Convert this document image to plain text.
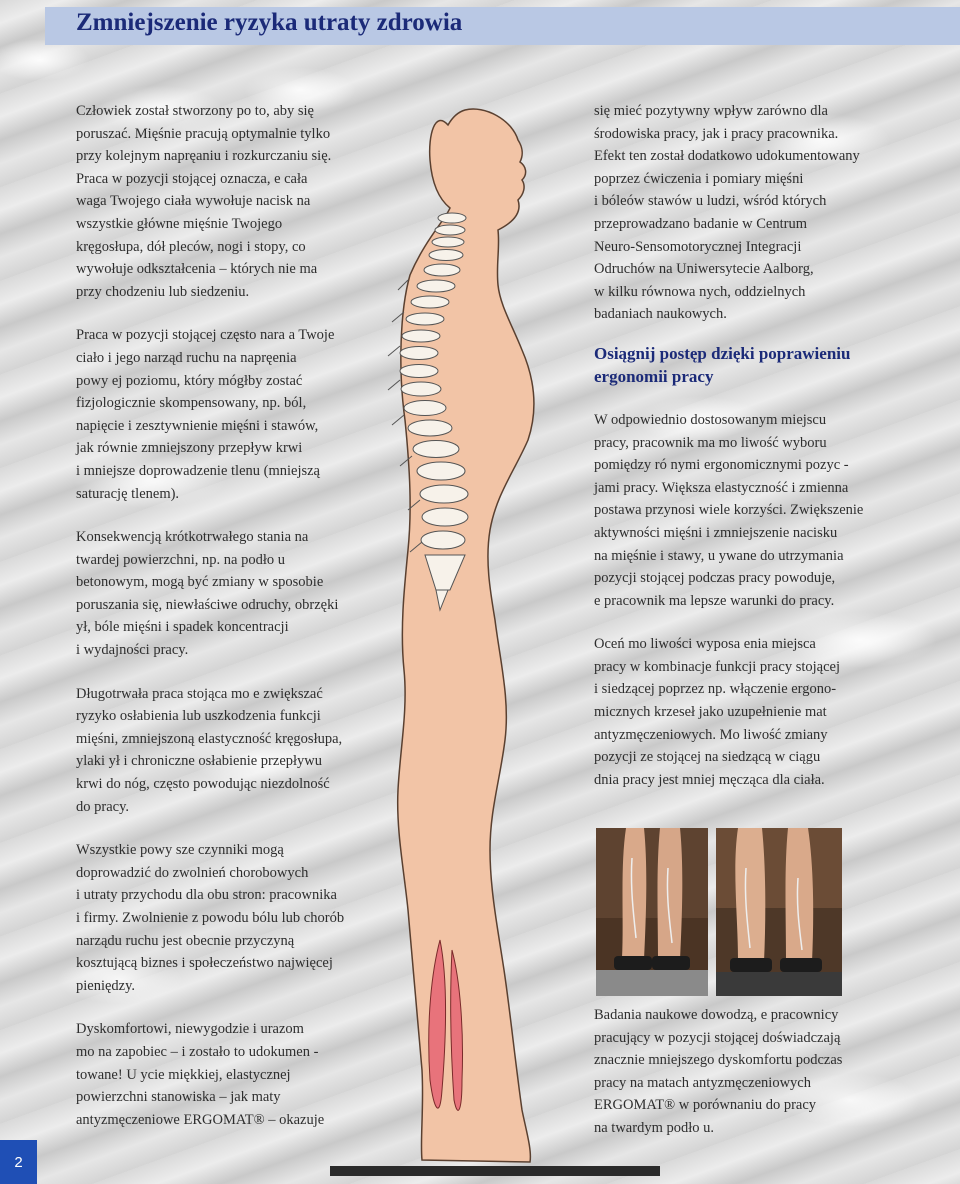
Zmniejszenie ryzyka utraty zdrowia

Człowiek został stworzony po to, aby się
poruszać. Mięśnie pracują optymalnie tylko
przy kolejnym napręaniu i rozkurczaniu się.
Praca w pozycji stojącej oznacza, e cała
waga Twojego ciała wywołuje nacisk na
wszystkie główne mięśnie Twojego
kręgosłupa, dół pleców, nogi i stopy, co
wywołuje odkształcenia – których nie ma
przy chodzeniu lub siedzeniu.

Praca w pozycji stojącej często nara a Twoje
ciało i jego narząd ruchu na napręenia
powy ej poziomu, który mógłby zostać
fizjologicznie skompensowany, np. ból,
napięcie i zesztywnienie mięśni i stawów,
jak równie zmniejszony przepływ krwi
i mniejsze doprowadzenie tlenu (mniejszą
saturację tlenem).

Konsekwencją krótkotrwałego stania na
twardej powierzchni, np. na podło u
betonowym, mogą być zmiany w sposobie
poruszania się, niewłaściwe odruchy, obrzęki
ył, bóle mięśni i spadek koncentracji
i wydajności pracy.

Długotrwała praca stojąca mo e zwiększać
ryzyko osłabienia lub uszkodzenia funkcji
mięśni, zmniejszoną elastyczność kręgosłupa,
ylaki ył i chroniczne osłabienie przepływu
krwi do nóg, często powodując niezdolność
do pracy.

Wszystkie powy sze czynniki mogą
doprowadzić do zwolnień chorobowych
i utraty przychodu dla obu stron: pracownika
i firmy. Zwolnienie z powodu bólu lub chorób
narządu ruchu jest obecnie przyczyną
kosztującą biznes i społeczeństwo najwięcej
pieniędzy.

Dyskomfortowi, niewygodzie i urazom
mo na zapobiec – i zostało to udokumen -
towane! U ycie miękkiej, elastycznej
powierzchni stanowiska – jak maty
antyzmęczeniowe ERGOMAT® – okazuje

się mieć pozytywny wpływ zarówno dla
środowiska pracy, jak i pracy pracownika.
Efekt ten został dodatkowo udokumentowany
poprzez ćwiczenia i pomiary mięśni
i bóleów stawów u ludzi, wśród których
przeprowadzano badanie w Centrum
Neuro-Sensomotorycznej Integracji
Odruchów na Uniwersytecie Aalborg,
w kilku równowa nych, oddzielnych
badaniach naukowych.

Osiągnij postęp dzięki poprawieniu
ergonomii pracy

W odpowiednio dostosowanym miejscu
pracy, pracownik ma mo liwość wyboru
pomiędzy ró nymi ergonomicznymi pozyc -
jami pracy. Większa elastyczność i zmienna
postawa przynosi wiele korzyści. Zwiększenie
aktywności mięśni i zmniejszenie nacisku
na mięśnie i stawy, u ywane do utrzymania
pozycji stojącej podczas pracy powoduje,
e pracownik ma lepsze warunki do pracy.

Oceń mo liwości wyposa enia miejsca
pracy w kombinacje funkcji pracy stojącej
i siedzącej poprzez np. włączenie ergono-
micznych krzeseł jako uzupełnienie mat
antyzmęczeniowych. Mo liwość zmiany
pozycji ze stojącej na siedzącą w ciągu
dnia pracy jest mniej męcząca dla ciała.

Badania naukowe dowodzą, e pracownicy
pracujący w pozycji stojącej doświadczają
znacznie mniejszego dyskomfortu podczas
pracy na matach antyzmęczeniowych
ERGOMAT® w porównaniu do pracy
na twardym podło u.

2
